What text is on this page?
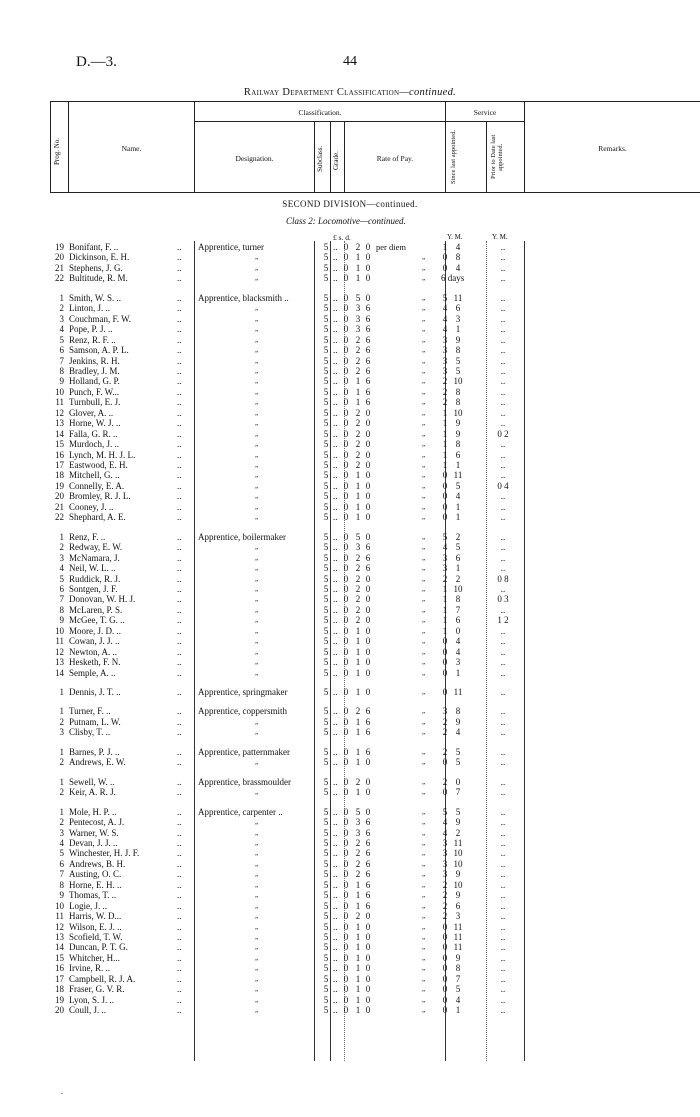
D.—3.	44
Railway Department Classification—continued.
Prog. No.	Name.
Classification.
Designation.	Subclass. Grade.	Rate of Pay.
Service
Since last appointed.	Prior to Date last appointed.	Remarks.
SECOND DIVISION—continued.
Class 2: Locomotive—continued.
£ s. d.	Y. M.	Y. M.
19 Bonifant, F. ..	Apprentice, turner	5	0 2 0 per diem	1 4	..
..	..
20 Dickinson, E. H.	„	5	0 1 0	„ 0 8	..
..	..
21 Stephens, J. G.	„	5	0 1 0	„ 0 4	..
..	..
22 Bultitude, R. M.	„	5	0 1 0	„ 6 days	..
..	..
1 Smith, W. S. ..	Apprentice, blacksmith ..	5	0 5 0	„ 5 11	..
..	..
2 Linton, J. ..	„	5	0 3 6	„ 4 6	..
..	..
3 Couchman, F. W.	„	5	0 3 6	„ 4 3	..
..	..
4 Pope, P. J. ..	„	5	0 3 6	„ 4 1	..
..	..
5 Renz, R. F. ..	„	5	0 2 6	„ 3 9	..
..	..
6 Samson, A. P. L.	„	5	0 2 6	„ 3 8	..
..	..
7 Jenkins, R. H.	„	5	0 2 6	„ 3 5	..
..	..
8 Bradley, J. M.	„	5	0 2 6	„ 3 5	..
..	..
9 Holland, G. P.	„	5	0 1 6	„ 2 10	..
..	..
10 Punch, F. W...	„	5	0 1 6	„ 2 8	..
..	..
11 Turnbull, E. J.	„	5	0 1 6	„ 2 8	..
..	..
12 Glover, A. ..	„	5	0 2 0	„ 1 10	..
..	..
13 Horne, W. J. ..	„	5	0 2 0	„ 1 9	..
..	..
14 Falla, G. R. ..	„	5	0 2 0	„ 1 9	0 2
..	..
15 Murdoch, J. ..	„	5	0 2 0	„ 1 8	..
..	..
16 Lynch, M. H. J. L.	„	5	0 2 0	„ 1 6	..
..	..
17 Eastwood, E. H.	„	5	0 2 0	„ 1 1	..
..	..
18 Mitchell, G. ..	„	5	0 1 0	„ 0 11	..
..	..
19 Connelly, E. A.	„	5	0 1 0	„ 0 5	0 4
..	..
20 Bromley, R. J. L.	„	5	0 1 0	„ 0 4	..
..	..
21 Cooney, J. ..	„	5	0 1 0	„ 0 1	..
..	..
22 Shephard, A. E.	„	5	0 1 0	„ 0 1	..
..	..
1 Renz, F. ..	Apprentice, boilermaker	5	0 5 0	„ 5 2	..
..	..
2 Redway, E. W.	„	5	0 3 6	„ 4 5	..
..	..
3 McNamara, J.	„	5	0 2 6	„ 3 6	..
..	..
4 Neil, W. L. ..	„	5	0 2 6	„ 3 1	..
..	..
5 Ruddick, R. J.	„	5	0 2 0	„ 2 2	0 8
..	..
6 Sontgen, J. F.	„	5	0 2 0	„ 1 10	..
..	..
7 Donovan, W. H. J.	„	5	0 2 0	„ 1 8	0 3
..	..
8 McLaren, P. S.	„	5	0 2 0	„ 1 7	..
..	..
9 McGee, T. G. ..	„	5	0 2 0	„ 1 6	1 2
..	..
10 Moore, J. D. ..	„	5	0 1 0	„ 1 0	..
..	..
11 Cowan, J. J. ..	„	5	0 1 0	„ 0 4	..
..	..
12 Newton, A. ..	„	5	0 1 0	„ 0 4	..
..	..
13 Hesketh, F. N.	„	5	0 1 0	„ 0 3	..
..	..
14 Semple, A. ..	„	5	0 1 0	„ 0 1	..
..	..
1 Dennis, J. T. ..	Apprentice, springmaker	5	0 1 0	„ 0 11	..
..	..
1 Turner, F. ..	Apprentice, coppersmith	5	0 2 6	„ 3 8	..
..	..
2 Putnam, L. W.	„	5	0 1 6	„ 2 9	..
..	..
3 Clisby, T. ..	„	5	0 1 6	„ 2 4	..
..	..
1 Barnes, P. J. ..	Apprentice, patternmaker	5	0 1 6	„ 2 5	..
..	..
2 Andrews, E. W.	„	5	0 1 0	„ 0 5	..
..	..
1 Sewell, W. ..	Apprentice, brassmoulder	5	0 2 0	„ 2 0	..
..	..
2 Keir, A. R. J.	„	5	0 1 0	„ 0 7	..
..	..
1 Mole, H. P. ..	Apprentice, carpenter ..	5	0 5 0	„ 5 5	..
..	..
2 Pentecost, A. J.	„	5	0 3 6	„ 4 9	..
..	..
3 Warner, W. S.	„	5	0 3 6	„ 4 2	..
..	..
4 Devan, J. J. ..	„	5	0 2 6	„ 3 11	..
..	..
5 Winchester, H. J. F.	„	5	0 2 6	„ 3 10	..
..	..
6 Andrews, B. H.	„	5	0 2 6	„ 3 10	..
..	..
7 Austing, O. C.	„	5	0 2 6	„ 3 9	..
..	..
8 Horne, E. H. ..	„	5	0 1 6	„ 2 10	..
..	..
9 Thomas, T. ..	„	5	0 1 6	„ 2 9	..
..	..
10 Logie, J. ..	„	5	0 1 6	„ 2 6	..
..	..
11 Harris, W. D...	„	5	0 2 0	„ 2 3	..
..	..
12 Wilson, E. J. ..	„	5	0 1 0	„ 0 11	..
..	..
13 Scofield, T. W.	„	5	0 1 0	„ 0 11	..
..	..
14 Duncan, P. T. G.	„	5	0 1 0	„ 0 11	..
..	..
15 Whitcher, H...	„	5	0 1 0	„ 0 9	..
..	..
16 Irvine, R. ..	„	5	0 1 0	„ 0 8	..
..	..
17 Campbell, R. J. A.	„	5	0 1 0	„ 0 7	..
..	..
18 Fraser, G. V. R.	„	5	0 1 0	„ 0 5	..
..	..
19 Lyon, S. J. ..	„	5	0 1 0	„ 0 4	..
..	..
20 Coull, J. ..	„	5	0 1 0	„ 0 1	..
..	..
.
